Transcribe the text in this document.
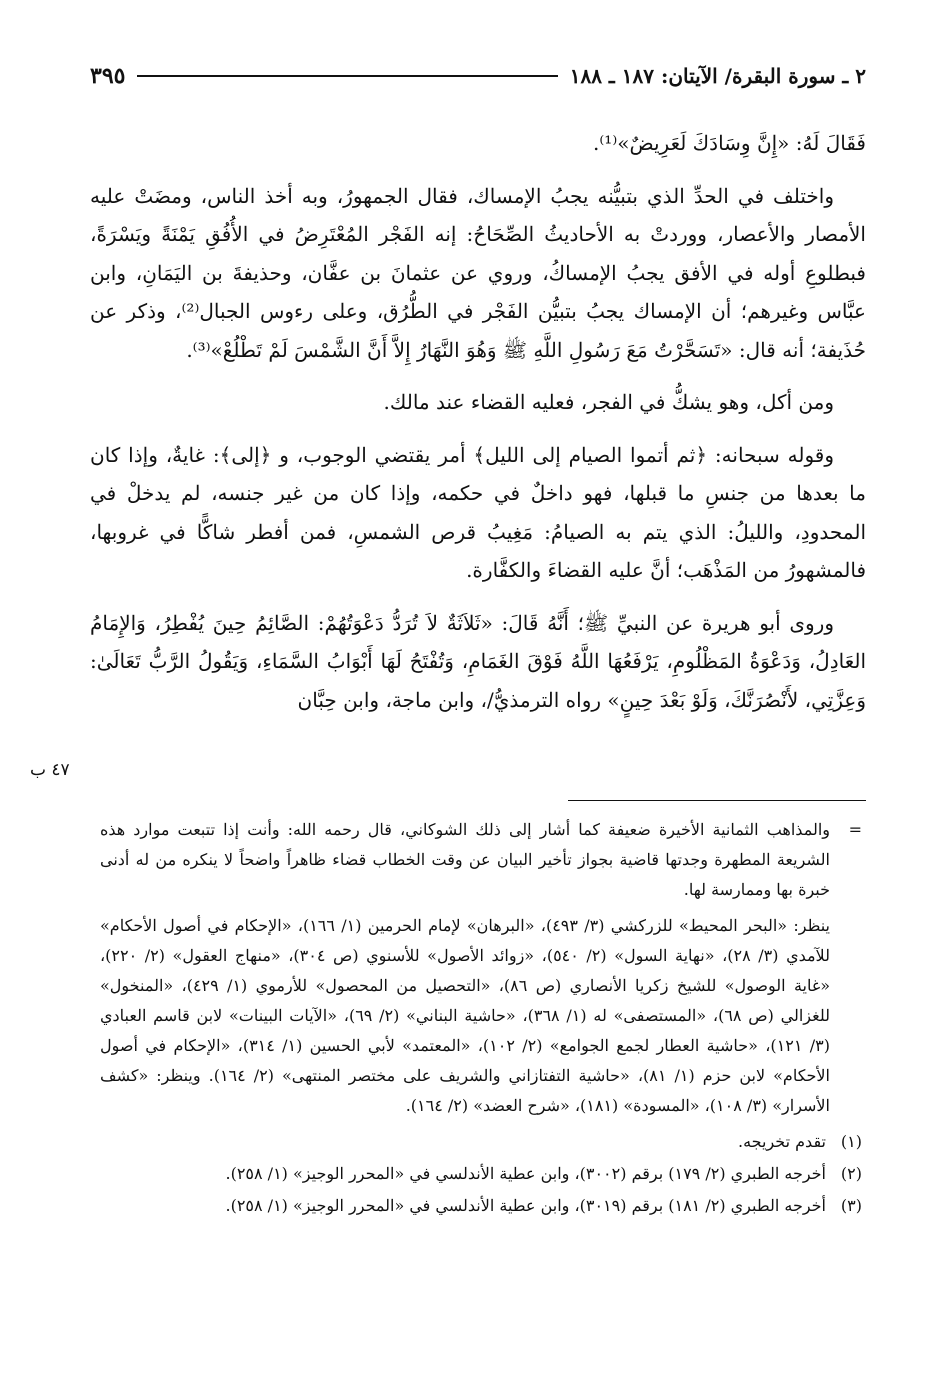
٢ ـ سورة البقرة/ الآيتان: ١٨٧ ـ ١٨٨
٣٩٥

فَقَالَ لَهُ: «إِنَّ وِسَادَكَ لَعَرِيضٌ»⁽¹⁾.

واختلف في الحدِّ الذي بتبيُّنه يجبُ الإمساك، فقال الجمهورُ، وبه أخذ الناس، ومضَتْ عليه الأمصار والأعصار، ووردتْ به الأحاديثُ الصِّحَاحُ: إنه الفَجْر المُعْتَرِضُ في الأُفُقِ يَمْنَةً ويَسْرَةً، فبطلوعِ أوله في الأفق يجبُ الإمساكُ، وروي عن عثمانَ بن عفَّان، وحذيفةَ بن اليَمَانِ، وابن عبَّاس وغيرهم؛ أن الإمساك يجبُ بتبيُّن الفَجْر في الطُّرُق، وعلى رءوس الجبال⁽²⁾، وذكر عن حُذَيفة؛ أنه قال: «تَسَحَّرْتُ مَعَ رَسُولِ اللَّهِ ﷺ وَهُوَ النَّهَارُ إِلاَّ أَنَّ الشَّمْسَ لَمْ تَطْلُعْ»⁽³⁾.

ومن أكل، وهو يشكُّ في الفجر، فعليه القضاء عند مالك.

وقوله سبحانه: ﴿ثم أتموا الصيام إلى الليل﴾ أمر يقتضي الوجوب، و ﴿إلى﴾: غايةٌ، وإذا كان ما بعدها من جنسِ ما قبلها، فهو داخلٌ في حكمه، وإذا كان من غير جنسه، لم يدخلْ في المحدودِ، والليلُ: الذي يتم به الصيامُ: مَغِيبُ قرص الشمسِ، فمن أفطر شاكًّا في غروبها، فالمشهورُ من المَذْهَب؛ أنَّ عليه القضاءَ والكفَّارة.

وروى أبو هريرة عن النبيِّ ﷺ؛ أَنَّهُ قَالَ: «ثَلاَثَةٌ لاَ تُرَدُّ دَعْوَتُهُمْ: الصَّائِمُ حِينَ يُفْطِرُ، وَالإِمَامُ العَادِلُ، وَدَعْوَةُ المَظْلُومِ، يَرْفَعُهَا اللَّهُ فَوْقَ الغَمَامِ، وَتُفْتَحُ لَهَا أَبْوَابُ السَّمَاءِ، وَيَقُولُ الرَّبُّ تَعَالَىٰ: وَعِزَّتِي، لأَنْصُرَنَّكَ، وَلَوْ بَعْدَ حِينٍ» رواه الترمذيُّ/، وابن ماجة، وابن حِبَّان

٤٧ ب
=
والمذاهب الثمانية الأخيرة ضعيفة كما أشار إلى ذلك الشوكاني، قال رحمه الله: وأنت إذا تتبعت موارد هذه الشريعة المطهرة وجدتها قاضية بجواز تأخير البيان عن وقت الخطاب قضاء ظاهراً واضحاً لا ينكره من له أدنى خبرة بها وممارسة لها.
ينظر: «البحر المحيط» للزركشي (٣/ ٤٩٣)، «البرهان» لإمام الحرمين (١/ ١٦٦)، «الإحكام في أصول الأحكام» للآمدي (٣/ ٢٨)، «نهاية السول» (٢/ ٥٤٠)، «زوائد الأصول» للأسنوي (ص ٣٠٤)، «منهاج العقول» (٢/ ٢٢٠)، «غاية الوصول» للشيخ زكريا الأنصاري (ص ٨٦)، «التحصيل من المحصول» للأرموي (١/ ٤٢٩)، «المنخول» للغزالي (ص ٦٨)، «المستصفى» له (١/ ٣٦٨)، «حاشية البناني» (٢/ ٦٩)، «الآيات البينات» لابن قاسم العبادي (٣/ ١٢١)، «حاشية العطار لجمع الجوامع» (٢/ ١٠٢)، «المعتمد» لأبي الحسين (١/ ٣١٤)، «الإحكام في أصول الأحكام» لابن حزم (١/ ٨١)، «حاشية التفتازاني والشريف على مختصر المنتهى» (٢/ ١٦٤). وينظر: «كشف الأسرار» (٣/ ١٠٨)، «المسودة» (١٨١)، «شرح العضد» (٢/ ١٦٤).
(١)
تقدم تخريجه.
(٢)
أخرجه الطبري (٢/ ١٧٩) برقم (٣٠٠٢)، وابن عطية الأندلسي في «المحرر الوجيز» (١/ ٢٥٨).
(٣)
أخرجه الطبري (٢/ ١٨١) برقم (٣٠١٩)، وابن عطية الأندلسي في «المحرر الوجيز» (١/ ٢٥٨).
